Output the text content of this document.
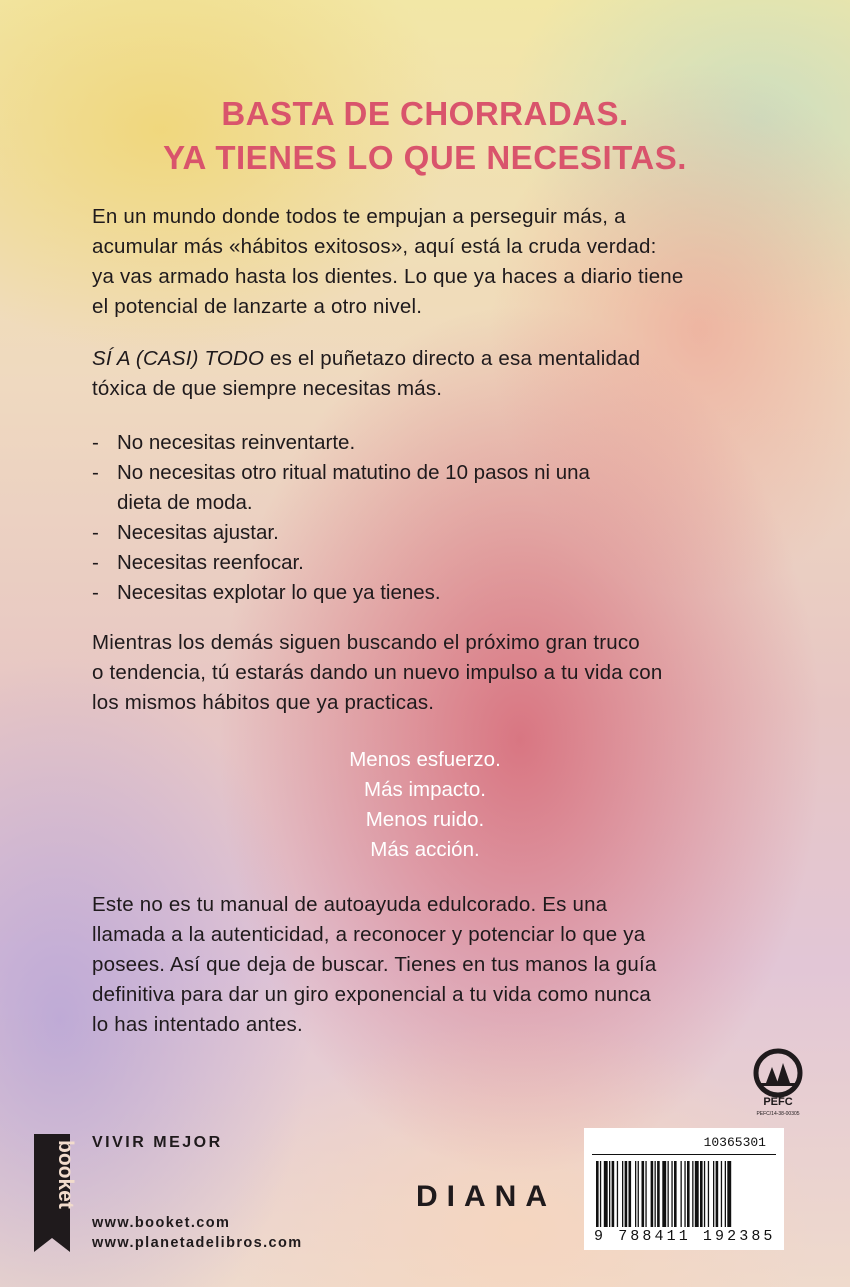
BASTA DE CHORRADAS.
YA TIENES LO QUE NECESITAS.
En un mundo donde todos te empujan a perseguir más, a
acumular más «hábitos exitosos», aquí está la cruda verdad:
ya vas armado hasta los dientes. Lo que ya haces a diario tiene
el potencial de lanzarte a otro nivel.
SÍ A (CASI) TODO es el puñetazo directo a esa mentalidad
tóxica de que siempre necesitas más.
- No necesitas reinventarte.
- No necesitas otro ritual matutino de 10 pasos ni una
dieta de moda.
- Necesitas ajustar.
- Necesitas reenfocar.
- Necesitas explotar lo que ya tienes.
Mientras los demás siguen buscando el próximo gran truco
o tendencia, tú estarás dando un nuevo impulso a tu vida con
los mismos hábitos que ya practicas.
Menos esfuerzo.
Más impacto.
Menos ruido.
Más acción.
Este no es tu manual de autoayuda edulcorado. Es una
llamada a la autenticidad, a reconocer y potenciar lo que ya
posees. Así que deja de buscar. Tienes en tus manos la guía
definitiva para dar un giro exponencial a tu vida como nunca
lo has intentado antes.
PEFC
PEFC/14-38-00305
booket VIVIR MEJOR
www.booket.com
www.planetadelibros.com
DIANA
10365301
9 788411 192385
